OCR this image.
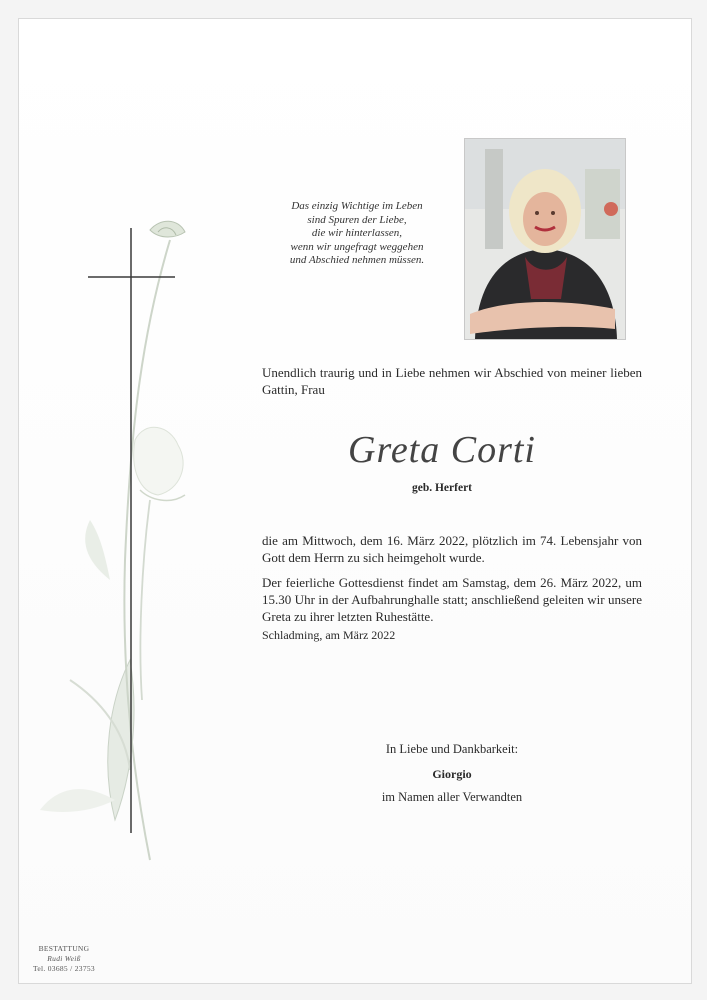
Das einzig Wichtige im Leben
sind Spuren der Liebe,
die wir hinterlassen,
wenn wir ungefragt weggehen
und Abschied nehmen müssen.
Unendlich traurig und in Liebe nehmen wir Abschied von meiner lieben Gattin, Frau
Greta Corti
geb. Herfert
die am Mittwoch, dem 16. März 2022, plötzlich im 74. Lebensjahr von Gott dem Herrn zu sich heimgeholt wurde.
Der feierliche Gottesdienst findet am Samstag, dem 26. März 2022, um 15.30 Uhr in der Aufbahrunghalle statt; anschließend geleiten wir unsere Greta zu ihrer letzten Ruhestätte.
Schladming, am März 2022
In Liebe und Dankbarkeit:
Giorgio
im Namen aller Verwandten
BESTATTUNG
Rudi Weiß
Tel. 03685 / 23753
